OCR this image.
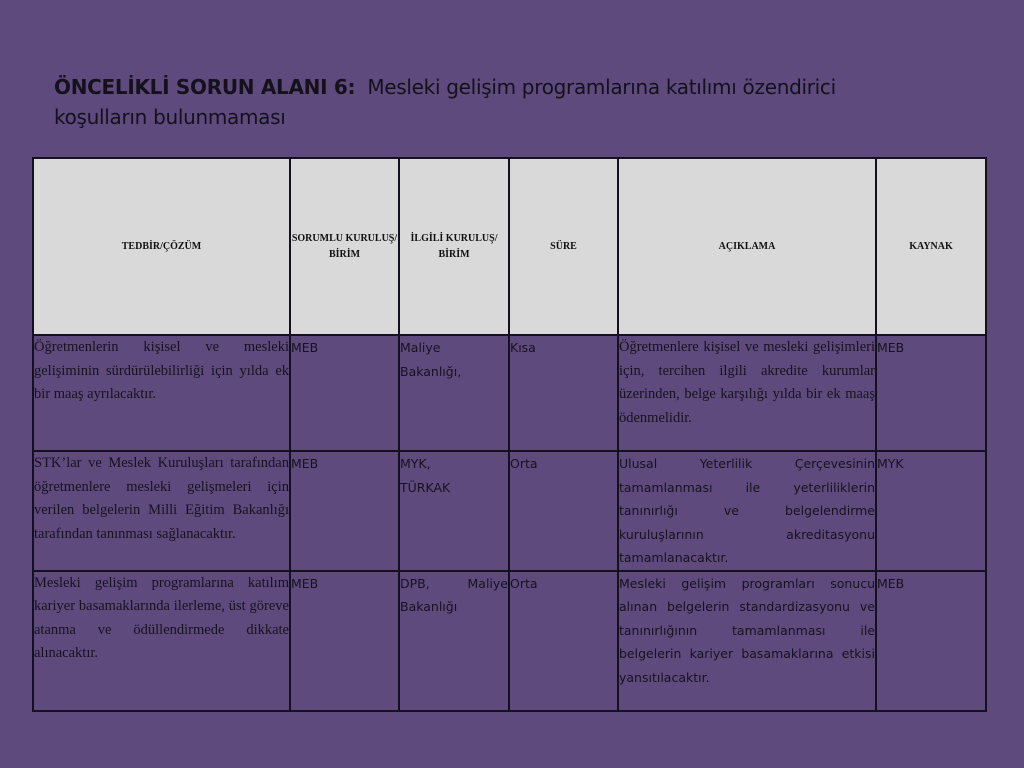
ÖNCELİKLİ SORUN ALANI 6: Mesleki gelişim programlarına katılımı özendirici
koşulların bulunmaması
TEDBİR/ÇÖZÜM	SORUMLU KURULUŞ/ BİRİM	İLGİLİ KURULUŞ/ BİRİM	SÜRE	AÇIKLAMA	KAYNAK
Öğretmenlerin kişisel ve mesleki gelişiminin sürdürülebilirliği için yılda ek bir maaş ayrılacaktır.	MEB	Maliye Bakanlığı,	Kısa	Öğretmenlere kişisel ve mesleki gelişimleri için, tercihen ilgili akredite kurumlar üzerinden, belge karşılığı yılda bir ek maaş ödenmelidir.	MEB
STK’lar ve Meslek Kuruluşları tarafından öğretmenlere mesleki gelişmeleri için verilen belgelerin Milli Eğitim Bakanlığı tarafından tanınması sağlanacaktır.	MEB	MYK, TÜRKAK	Orta	Ulusal Yeterlilik Çerçevesinin tamamlanması ile yeterliliklerin tanınırlığı ve belgelendirme kuruluşlarının akreditasyonu tamamlanacaktır.	MYK
Mesleki gelişim programlarına katılım kariyer basamaklarında ilerleme, üst göreve atanma ve ödüllendirmede dikkate alınacaktır.	MEB	DPB, Maliye Bakanlığı	Orta	Mesleki gelişim programları sonucu alınan belgelerin standardizasyonu ve tanınırlığının tamamlanması ile belgelerin kariyer basamaklarına etkisi yansıtılacaktır.	MEB
